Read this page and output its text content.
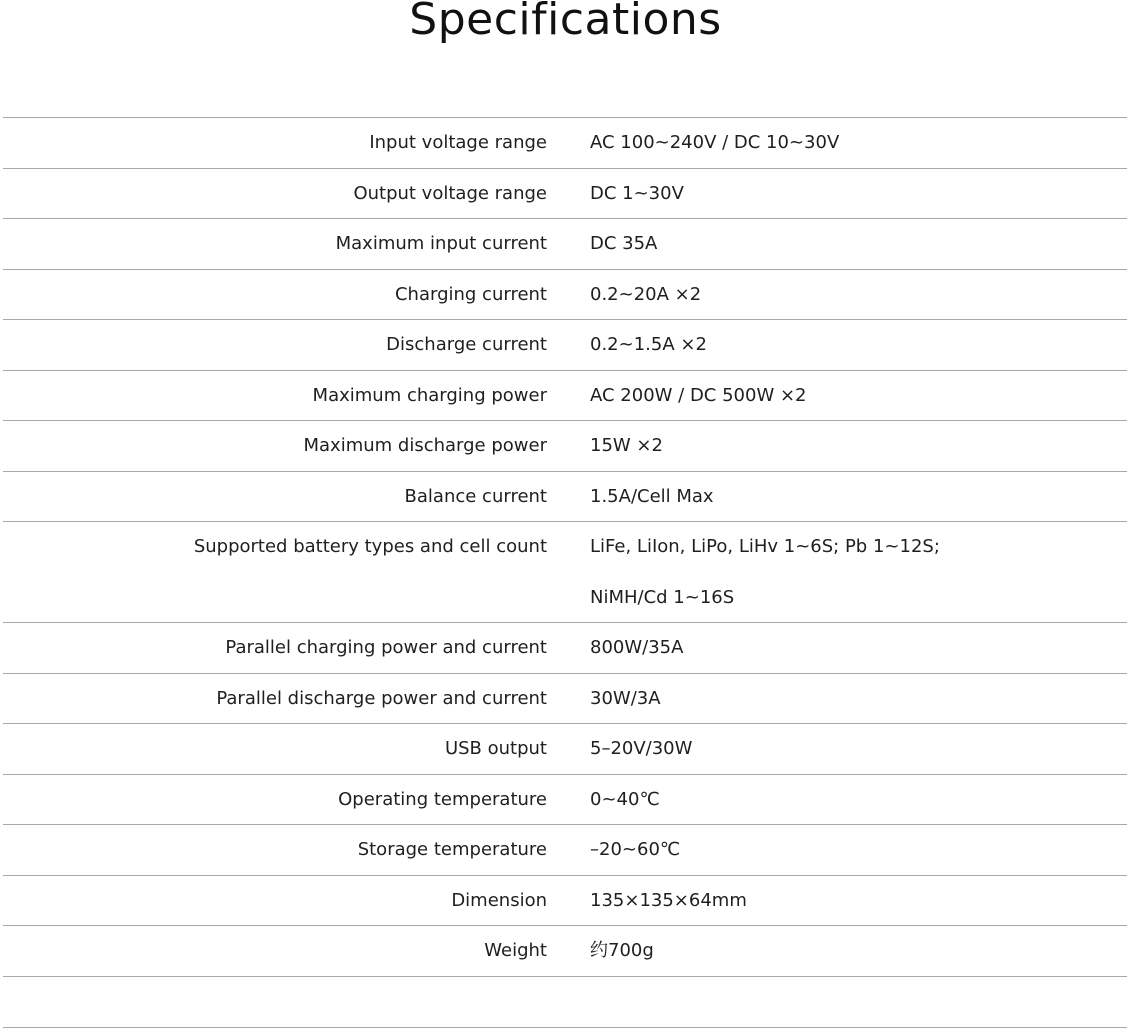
Specifications
Input voltage range AC 100~240V / DC 10~30V
Output voltage range DC 1~30V
Maximum input current DC 35A
Charging current 0.2~20A ×2
Discharge current 0.2~1.5A ×2
Maximum charging power AC 200W / DC 500W ×2
Maximum discharge power 15W ×2
Balance current 1.5A/Cell Max
Supported battery types and cell count LiFe, LiIon, LiPo, LiHv 1~6S; Pb 1~12S;
NiMH/Cd 1~16S
Parallel charging power and current 800W/35A
Parallel discharge power and current 30W/3A
USB output 5–20V/30W
Operating temperature 0~40℃
Storage temperature –20~60℃
Dimension 135×135×64mm
Weight 约700g
